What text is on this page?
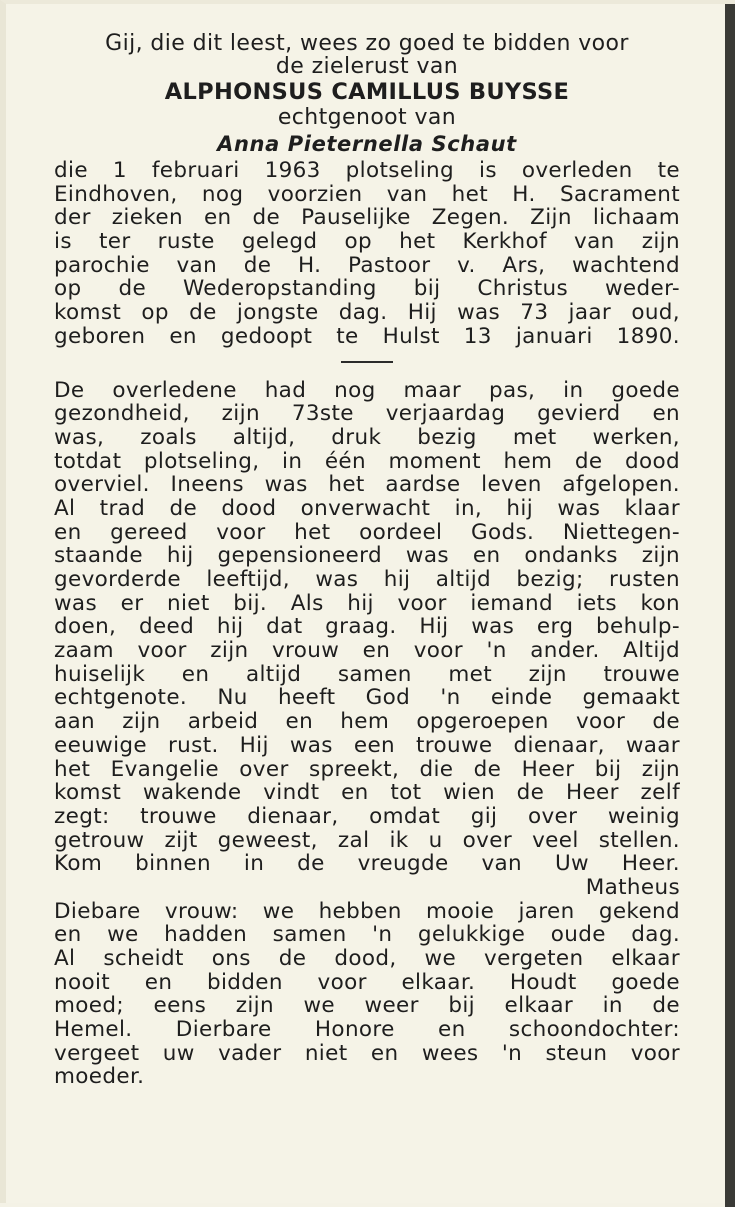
Gij, die dit leest, wees zo goed te bidden voor
de zielerust van
ALPHONSUS CAMILLUS BUYSSE
echtgenoot van
Anna Pieternella Schaut
die 1 februari 1963 plotseling is overleden te
Eindhoven, nog voorzien van het H. Sacrament
der zieken en de Pauselijke Zegen. Zijn lichaam
is ter ruste gelegd op het Kerkhof van zijn
parochie van de H. Pastoor v. Ars, wachtend
op de Wederopstanding bij Christus weder-
komst op de jongste dag. Hij was 73 jaar oud,
geboren en gedoopt te Hulst 13 januari 1890.
De overledene had nog maar pas, in goede
gezondheid, zijn 73ste verjaardag gevierd en
was, zoals altijd, druk bezig met werken,
totdat plotseling, in één moment hem de dood
overviel. Ineens was het aardse leven afgelopen.
Al trad de dood onverwacht in, hij was klaar
en gereed voor het oordeel Gods. Niettegen-
staande hij gepensioneerd was en ondanks zijn
gevorderde leeftijd, was hij altijd bezig; rusten
was er niet bij. Als hij voor iemand iets kon
doen, deed hij dat graag. Hij was erg behulp-
zaam voor zijn vrouw en voor 'n ander. Altijd
huiselijk en altijd samen met zijn trouwe
echtgenote. Nu heeft God 'n einde gemaakt
aan zijn arbeid en hem opgeroepen voor de
eeuwige rust. Hij was een trouwe dienaar, waar
het Evangelie over spreekt, die de Heer bij zijn
komst wakende vindt en tot wien de Heer zelf
zegt: trouwe dienaar, omdat gij over weinig
getrouw zijt geweest, zal ik u over veel stellen.
Kom binnen in de vreugde van Uw Heer.
Matheus
Diebare vrouw: we hebben mooie jaren gekend
en we hadden samen 'n gelukkige oude dag.
Al scheidt ons de dood, we vergeten elkaar
nooit en bidden voor elkaar. Houdt goede
moed; eens zijn we weer bij elkaar in de
Hemel. Dierbare Honore en schoondochter:
vergeet uw vader niet en wees 'n steun voor
moeder.
